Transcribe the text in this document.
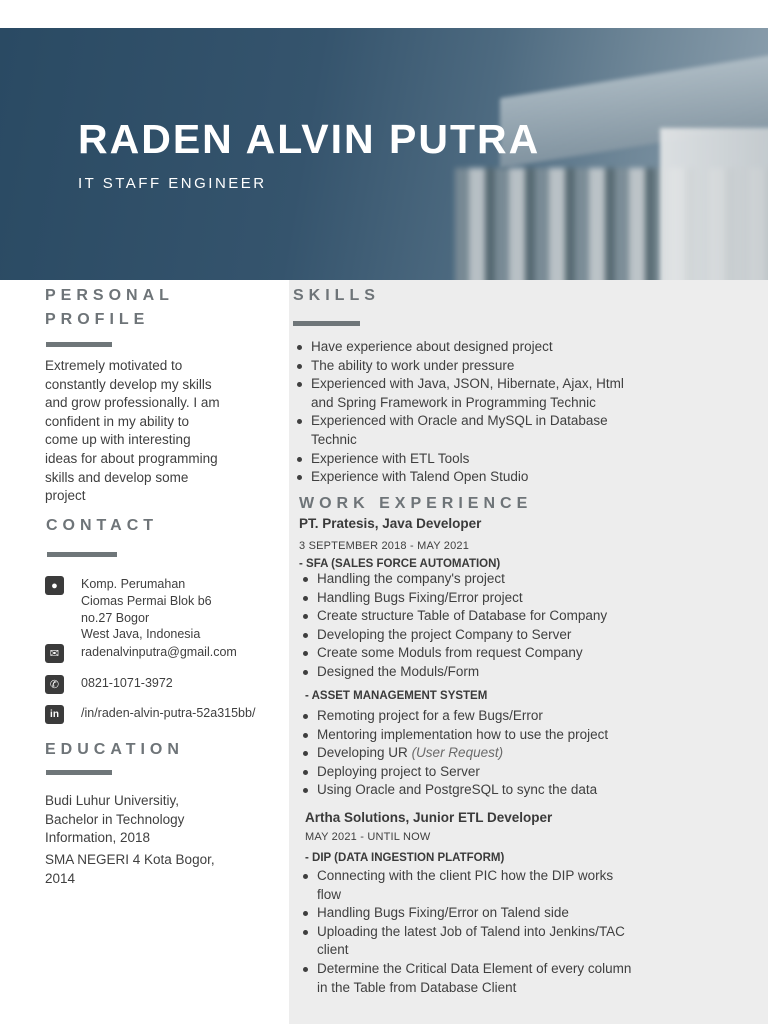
RADEN ALVIN PUTRA
IT STAFF ENGINEER
PERSONAL
PROFILE
Extremely motivated to
constantly develop my skills
and grow professionally. I am
confident in my ability to
come up with interesting
ideas for about programming
skills and develop some
project
CONTACT
●	Komp. Perumahan
Ciomas Permai Blok b6
no.27 Bogor
West Java, Indonesia
✉	radenalvinputra@gmail.com
✆	0821-1071-3972
in	/in/raden-alvin-putra-52a315bb/
EDUCATION
Budi Luhur Universitiy,
Bachelor in Technology
Information, 2018
SMA NEGERI 4 Kota Bogor,
2014
SKILLS
Have experience about designed project
The ability to work under pressure
Experienced with Java, JSON, Hibernate, Ajax, Html
and Spring Framework in Programming Technic
Experienced with Oracle and MySQL in Database
Technic
Experience with ETL Tools
Experience with Talend Open Studio
WORK EXPERIENCE
PT. Pratesis, Java Developer
3 SEPTEMBER 2018 - MAY 2021
- SFA (SALES FORCE AUTOMATION)
Handling the company's project
Handling Bugs Fixing/Error project
Create structure Table of Database for Company
Developing the project Company to Server
Create some Moduls from request Company
Designed the Moduls/Form
- ASSET MANAGEMENT SYSTEM
Remoting project for a few Bugs/Error
Mentoring implementation how to use the project
Developing UR (User Request)
Deploying project to Server
Using Oracle and PostgreSQL to sync the data
Artha Solutions, Junior ETL Developer
MAY 2021 - UNTIL NOW
- DIP (DATA INGESTION PLATFORM)
Connecting with the client PIC how the DIP works
flow
Handling Bugs Fixing/Error on Talend side
Uploading the latest Job of Talend into Jenkins/TAC
client
Determine the Critical Data Element of every column
in the Table from Database Client
